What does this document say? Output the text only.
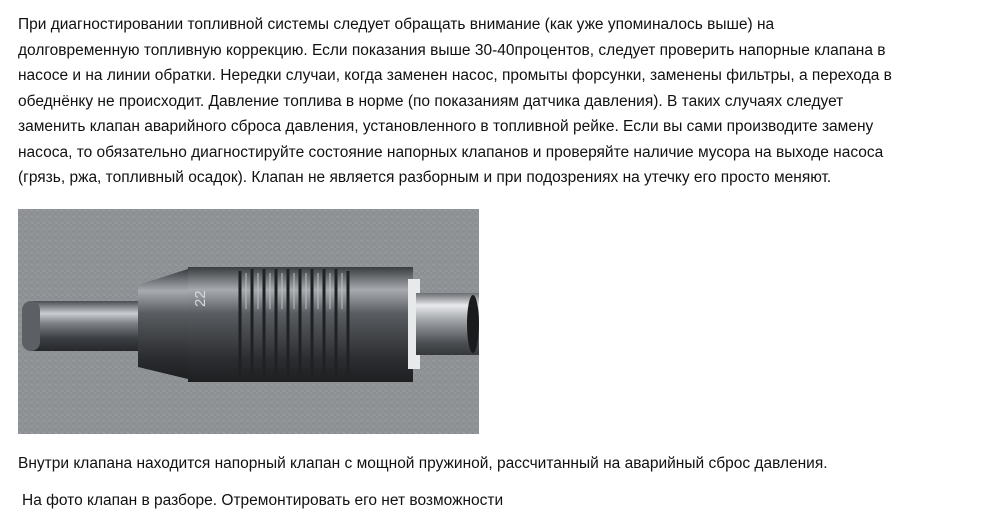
При диагностировании топливной системы следует обращать внимание (как уже упоминалось выше) на
долговременную топливную коррекцию. Если показания выше 30-40процентов, следует проверить напорные клапана в
насосе и на линии обратки. Нередки случаи, когда заменен насос, промыты форсунки, заменены фильтры, а перехода в
обеднёнку не происходит. Давление топлива в норме (по показаниям датчика давления). В таких случаях следует
заменить клапан аварийного сброса давления, установленного в топливной рейке. Если вы сами производите замену
насоса, то обязательно диагностируйте состояние напорных клапанов и проверяйте наличие мусора на выходе насоса
(грязь, ржа, топливный осадок). Клапан не является разборным и при подозрениях на утечку его просто меняют.

22

Внутри клапана находится напорный клапан с мощной пружиной, рассчитанный на аварийный сброс давления.

На фото клапан в разборе. Отремонтировать его нет возможности
